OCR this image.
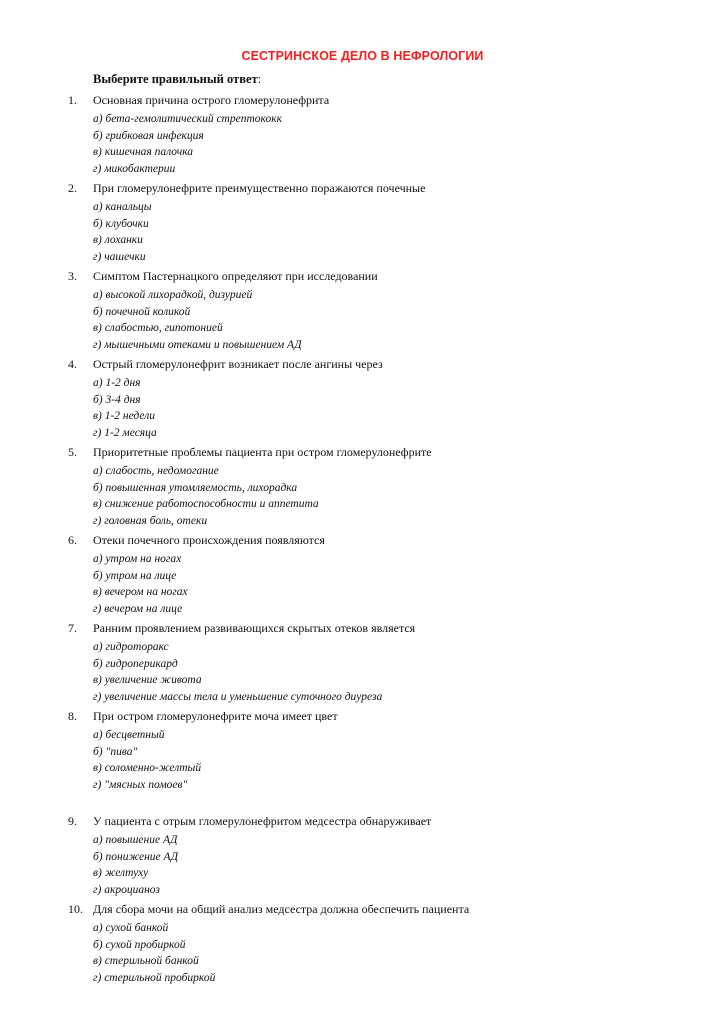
СЕСТРИНСКОЕ ДЕЛО В НЕФРОЛОГИИ
Выберите правильный ответ:
1. Основная причина острого гломерулонефрита
а) бета-гемолитический стрептококк
б) грибковая инфекция
в) кишечная палочка
г) микобактерии
2. При гломерулонефрите преимущественно поражаются почечные
а) канальцы
б) клубочки
в) лоханки
г) чашечки
3. Симптом Пастернацкого определяют при исследовании
а) высокой лихорадкой, дизурией
б) почечной коликой
в) слабостью, гипотонией
г) мышечными отеками и повышением АД
4. Острый гломерулонефрит возникает после ангины через
а) 1-2 дня
б) 3-4 дня
в) 1-2 недели
г) 1-2 месяца
5. Приоритетные проблемы пациента при остром гломерулонефрите
а) слабость, недомогание
б) повышенная утомляемость, лихорадка
в) снижение работоспособности и аппетита
г) головная боль, отеки
6. Отеки почечного происхождения появляются
а) утром на ногах
б) утром на лице
в) вечером на ногах
г) вечером на лице
7. Ранним проявлением развивающихся скрытых отеков является
а) гидроторакс
б) гидроперикард
в) увеличение живота
г) увеличение массы тела и уменьшение суточного диуреза
8. При остром гломерулонефрите моча имеет цвет
а) бесцветный
б) "пива"
в) соломенно-желтый
г) "мясных помоев"
9. У пациента с отрым гломерулонефритом медсестра обнаруживает
а) повышение АД
б) понижение АД
в) желтуху
г) акроцианоз
10. Для сбора мочи на общий анализ медсестра должна обеспечить пациента
а) сухой банкой
б) сухой пробиркой
в) стерильной банкой
г) стерильной пробиркой
